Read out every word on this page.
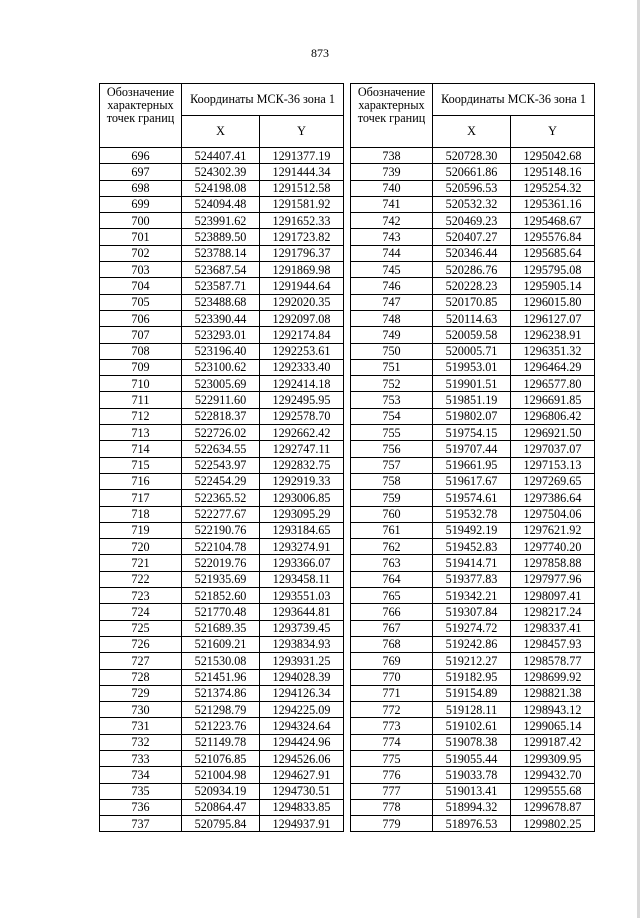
873
Обозначение характерных точек границ	Координаты МСК-36 зона 1	
	X	Y
696	524407.41	1291377.19
697	524302.39	1291444.34
698	524198.08	1291512.58
699	524094.48	1291581.92
700	523991.62	1291652.33
701	523889.50	1291723.82
702	523788.14	1291796.37
703	523687.54	1291869.98
704	523587.71	1291944.64
705	523488.68	1292020.35
706	523390.44	1292097.08
707	523293.01	1292174.84
708	523196.40	1292253.61
709	523100.62	1292333.40
710	523005.69	1292414.18
711	522911.60	1292495.95
712	522818.37	1292578.70
713	522726.02	1292662.42
714	522634.55	1292747.11
715	522543.97	1292832.75
716	522454.29	1292919.33
717	522365.52	1293006.85
718	522277.67	1293095.29
719	522190.76	1293184.65
720	522104.78	1293274.91
721	522019.76	1293366.07
722	521935.69	1293458.11
723	521852.60	1293551.03
724	521770.48	1293644.81
725	521689.35	1293739.45
726	521609.21	1293834.93
727	521530.08	1293931.25
728	521451.96	1294028.39
729	521374.86	1294126.34
730	521298.79	1294225.09
731	521223.76	1294324.64
732	521149.78	1294424.96
733	521076.85	1294526.06
734	521004.98	1294627.91
735	520934.19	1294730.51
736	520864.47	1294833.85
737	520795.84	1294937.91
Обозначение характерных точек границ	Координаты МСК-36 зона 1	
	X	Y
738	520728.30	1295042.68
739	520661.86	1295148.16
740	520596.53	1295254.32
741	520532.32	1295361.16
742	520469.23	1295468.67
743	520407.27	1295576.84
744	520346.44	1295685.64
745	520286.76	1295795.08
746	520228.23	1295905.14
747	520170.85	1296015.80
748	520114.63	1296127.07
749	520059.58	1296238.91
750	520005.71	1296351.32
751	519953.01	1296464.29
752	519901.51	1296577.80
753	519851.19	1296691.85
754	519802.07	1296806.42
755	519754.15	1296921.50
756	519707.44	1297037.07
757	519661.95	1297153.13
758	519617.67	1297269.65
759	519574.61	1297386.64
760	519532.78	1297504.06
761	519492.19	1297621.92
762	519452.83	1297740.20
763	519414.71	1297858.88
764	519377.83	1297977.96
765	519342.21	1298097.41
766	519307.84	1298217.24
767	519274.72	1298337.41
768	519242.86	1298457.93
769	519212.27	1298578.77
770	519182.95	1298699.92
771	519154.89	1298821.38
772	519128.11	1298943.12
773	519102.61	1299065.14
774	519078.38	1299187.42
775	519055.44	1299309.95
776	519033.78	1299432.70
777	519013.41	1299555.68
778	518994.32	1299678.87
779	518976.53	1299802.25
